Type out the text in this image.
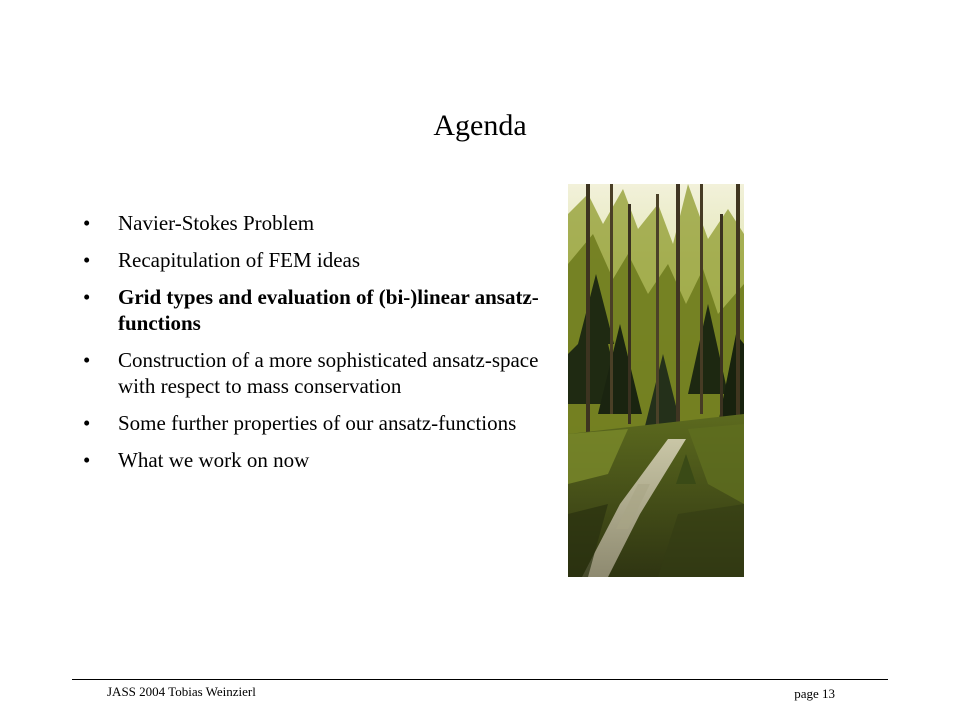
Agenda
• Navier-Stokes Problem
• Recapitulation of FEM ideas
• Grid types and evaluation of (bi-)linear ansatz-functions
• Construction of a more sophisticated ansatz-space with respect to mass conservation
• Some further properties of our ansatz-functions
• What we work on now
JASS 2004 Tobias Weinzierl	page 13
